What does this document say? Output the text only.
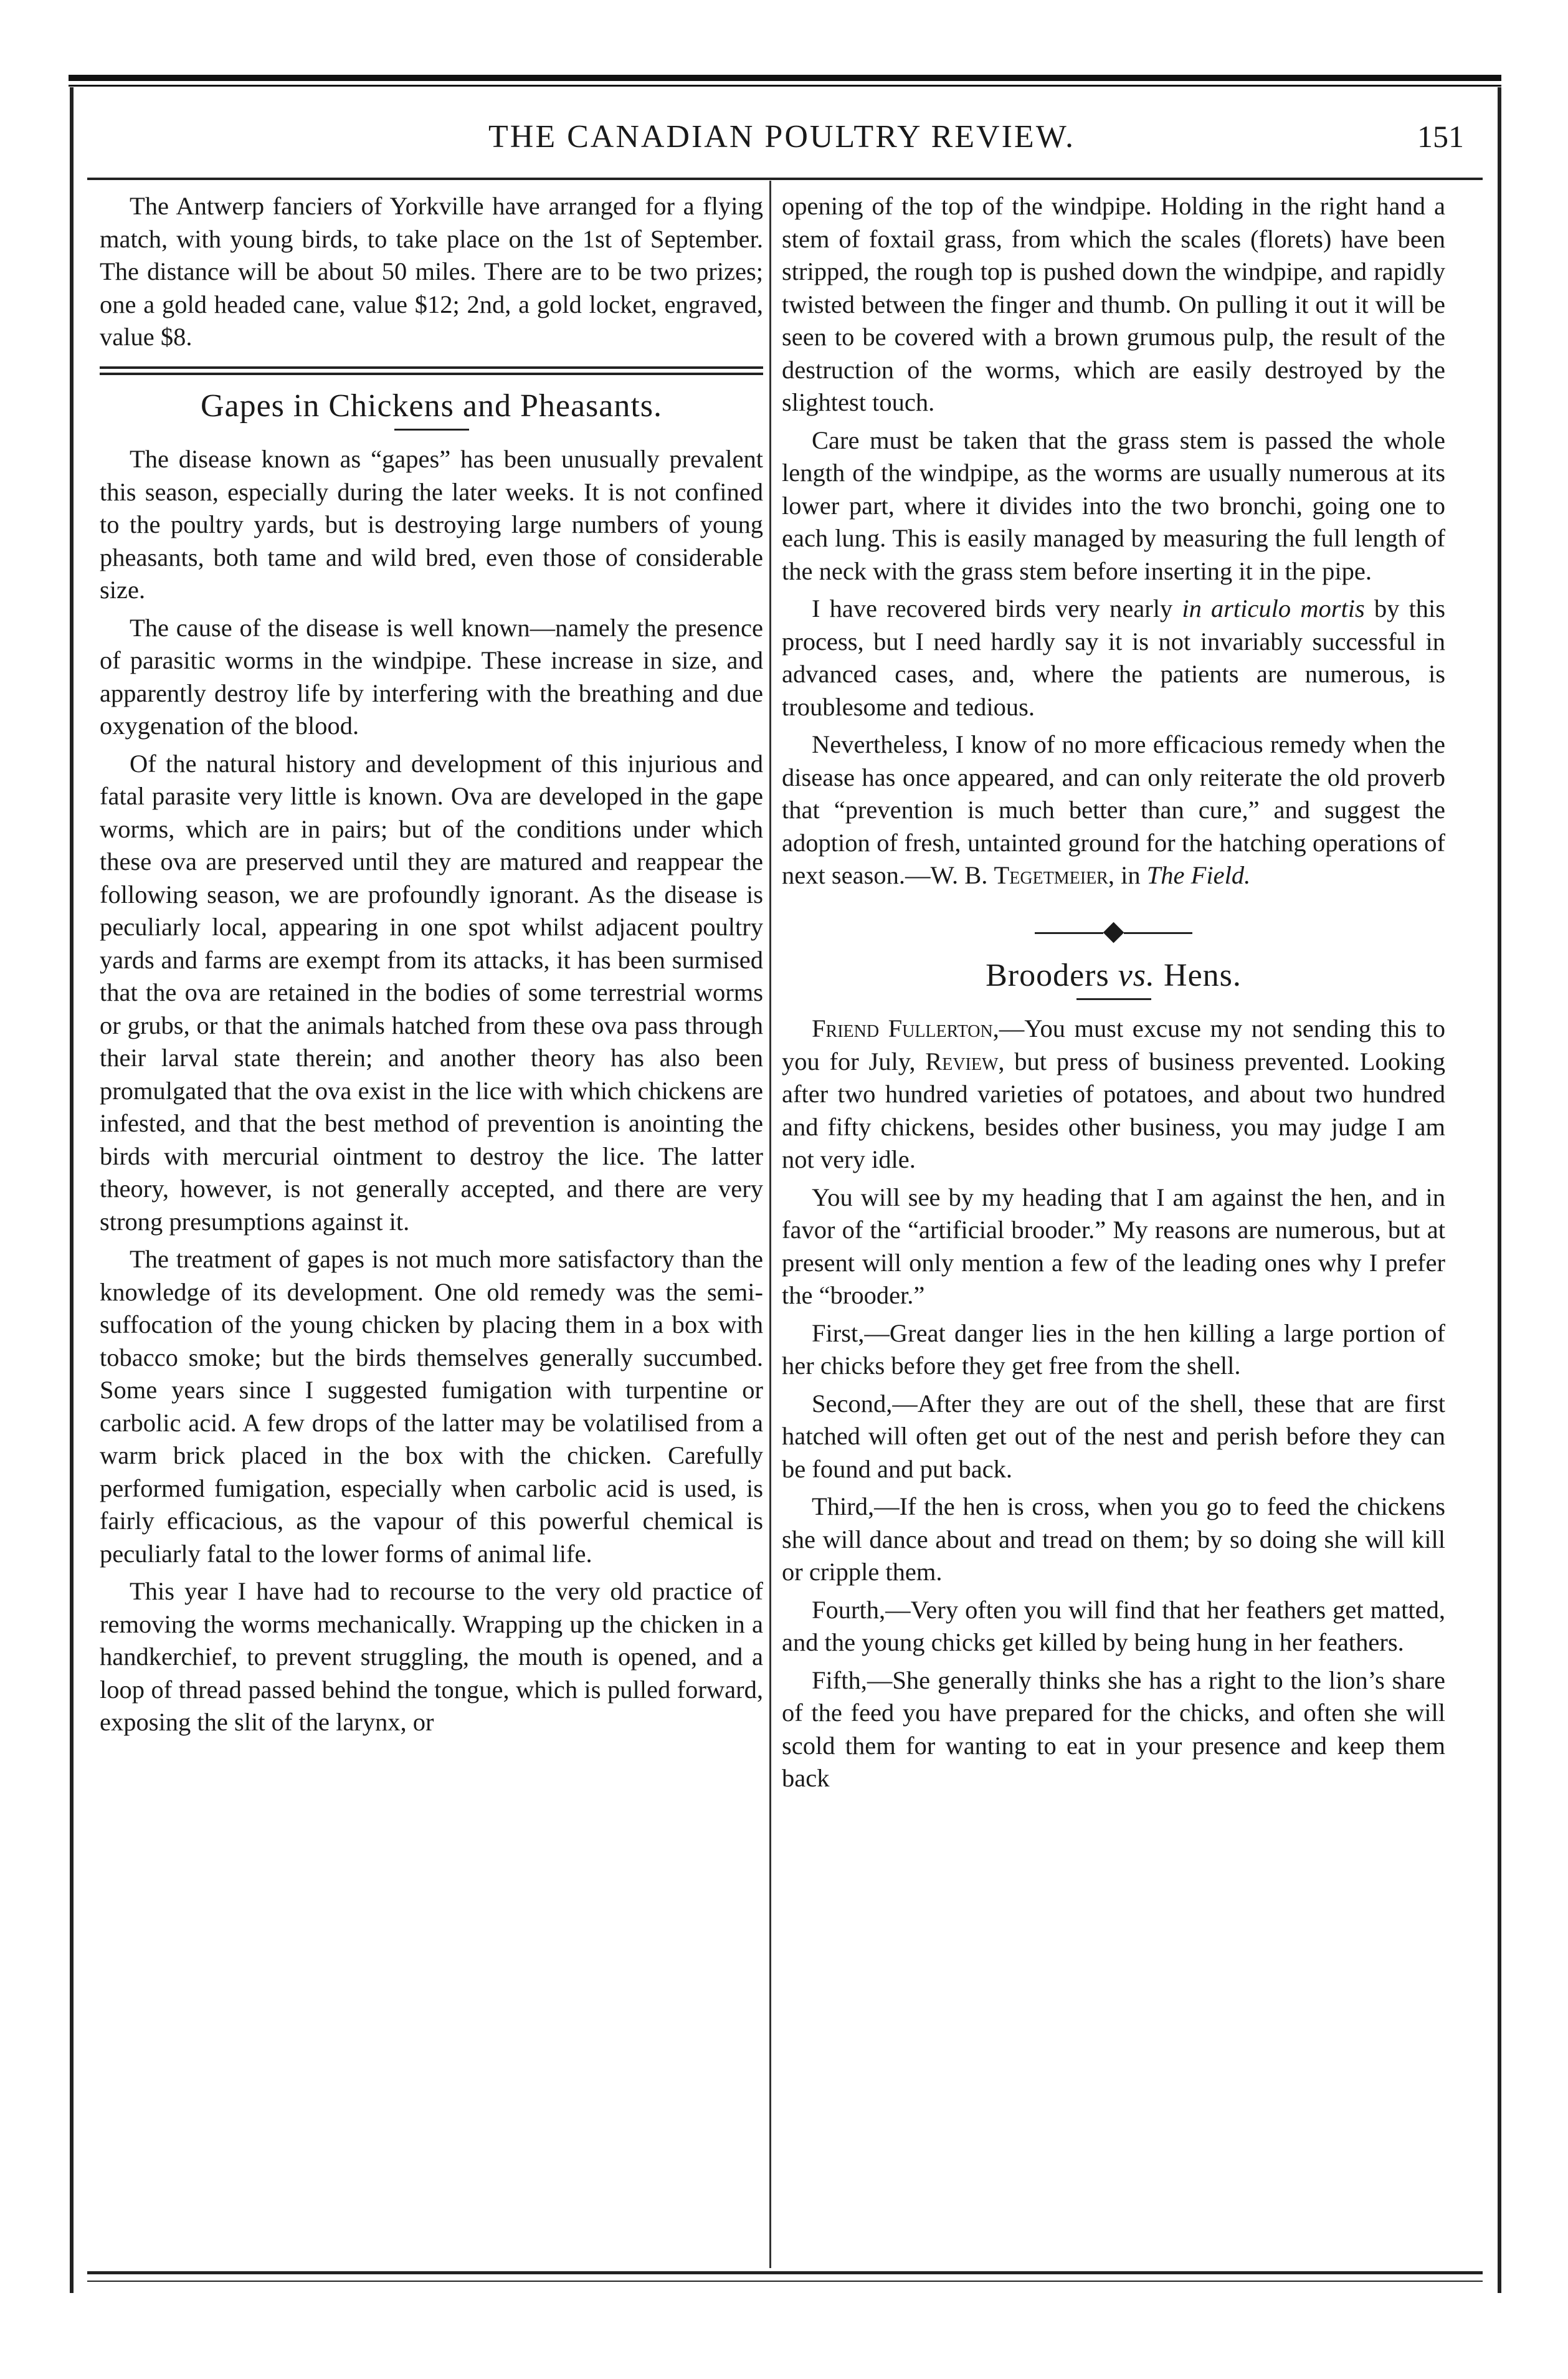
THE CANADIAN POULTRY REVIEW.	151

The Antwerp fanciers of Yorkville have arranged for a flying match, with young birds, to take place on the 1st of September. The distance will be about 50 miles. There are to be two prizes; one a gold headed cane, value $12; 2nd, a gold locket, engraved, value $8.

Gapes in Chickens and Pheasants.

The disease known as “gapes” has been unusually prevalent this season, especially during the later weeks. It is not confined to the poultry yards, but is destroying large numbers of young pheasants, both tame and wild bred, even those of considerable size.

The cause of the disease is well known—namely the presence of parasitic worms in the windpipe. These increase in size, and apparently destroy life by interfering with the breathing and due oxygenation of the blood.

Of the natural history and development of this injurious and fatal parasite very little is known. Ova are developed in the gape worms, which are in pairs; but of the conditions under which these ova are preserved until they are matured and reappear the following season, we are profoundly ignorant. As the disease is peculiarly local, appearing in one spot whilst adjacent poultry yards and farms are exempt from its attacks, it has been surmised that the ova are retained in the bodies of some terrestrial worms or grubs, or that the animals hatched from these ova pass through their larval state therein; and another theory has also been promulgated that the ova exist in the lice with which chickens are infested, and that the best method of prevention is anointing the birds with mercurial ointment to destroy the lice. The latter theory, however, is not generally accepted, and there are very strong presumptions against it.

The treatment of gapes is not much more satisfactory than the knowledge of its development. One old remedy was the semi-suffocation of the young chicken by placing them in a box with tobacco smoke; but the birds themselves generally succumbed. Some years since I suggested fumigation with turpentine or carbolic acid. A few drops of the latter may be volatilised from a warm brick placed in the box with the chicken. Carefully performed fumigation, especially when carbolic acid is used, is fairly efficacious, as the vapour of this powerful chemical is peculiarly fatal to the lower forms of animal life.

This year I have had to recourse to the very old practice of removing the worms mechanically. Wrapping up the chicken in a handkerchief, to prevent struggling, the mouth is opened, and a loop of thread passed behind the tongue, which is pulled forward, exposing the slit of the larynx, or

opening of the top of the windpipe. Holding in the right hand a stem of foxtail grass, from which the scales (florets) have been stripped, the rough top is pushed down the windpipe, and rapidly twisted between the finger and thumb. On pulling it out it will be seen to be covered with a brown grumous pulp, the result of the destruction of the worms, which are easily destroyed by the slightest touch.

Care must be taken that the grass stem is passed the whole length of the windpipe, as the worms are usually numerous at its lower part, where it divides into the two bronchi, going one to each lung. This is easily managed by measuring the full length of the neck with the grass stem before inserting it in the pipe.

I have recovered birds very nearly in articulo mortis by this process, but I need hardly say it is not invariably successful in advanced cases, and, where the patients are numerous, is troublesome and tedious.

Nevertheless, I know of no more efficacious remedy when the disease has once appeared, and can only reiterate the old proverb that “prevention is much better than cure,” and suggest the adoption of fresh, untainted ground for the hatching operations of next season.—W. B. Tegetmeier, in The Field.

◆
Brooders vs. Hens.

Friend Fullerton,—You must excuse my not sending this to you for July, Review, but press of business prevented. Looking after two hundred varieties of potatoes, and about two hundred and fifty chickens, besides other business, you may judge I am not very idle.

You will see by my heading that I am against the hen, and in favor of the “artificial brooder.” My reasons are numerous, but at present will only mention a few of the leading ones why I prefer the “brooder.”

First,—Great danger lies in the hen killing a large portion of her chicks before they get free from the shell.

Second,—After they are out of the shell, these that are first hatched will often get out of the nest and perish before they can be found and put back.

Third,—If the hen is cross, when you go to feed the chickens she will dance about and tread on them; by so doing she will kill or cripple them.

Fourth,—Very often you will find that her feathers get matted, and the young chicks get killed by being hung in her feathers.

Fifth,—She generally thinks she has a right to the lion’s share of the feed you have prepared for the chicks, and often she will scold them for wanting to eat in your presence and keep them back
